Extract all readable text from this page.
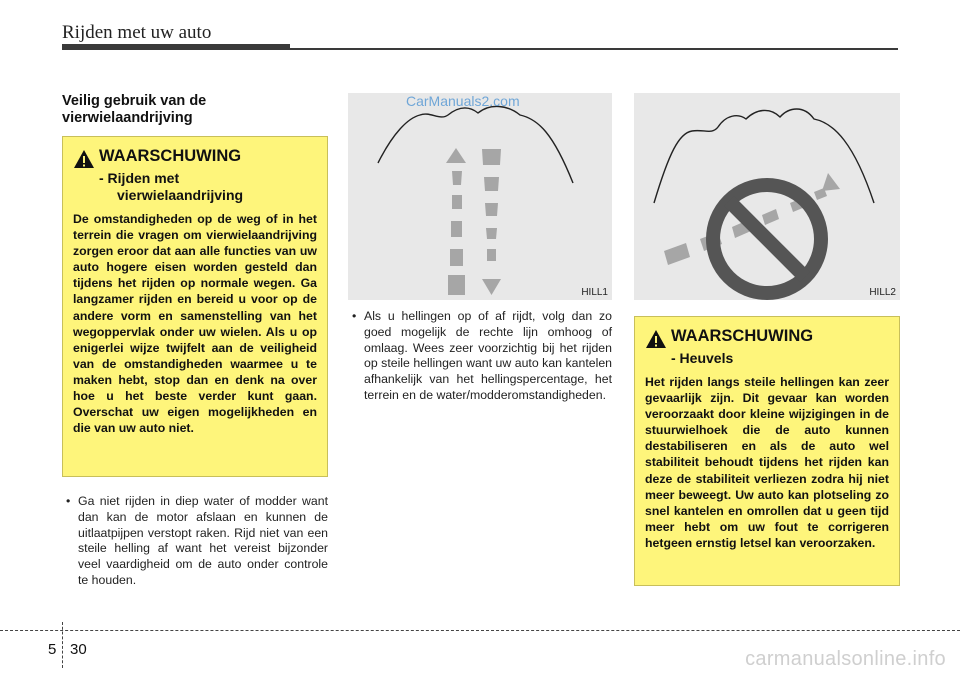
Rijden met uw auto
Veilig gebruik van de vierwielaandrijving
WAARSCHUWING
- Rijden met
vierwielaandrijving
De omstandigheden op de weg of in het terrein die vragen om vierwielaandrijving zorgen eroor dat aan alle functies van uw auto hogere eisen worden gesteld dan tijdens het rijden op normale wegen. Ga langzamer rijden en bereid u voor op de andere vorm en samenstelling van het wegoppervlak onder uw wielen. Als u op enigerlei wijze twijfelt aan de veiligheid van de omstandigheden waarmee u te maken hebt, stop dan en denk na over hoe u het beste verder kunt gaan. Overschat uw eigen mogelijkheden en die van uw auto niet.
• Ga niet rijden in diep water of modder want dan kan de motor afslaan en kunnen de uitlaatpijpen verstopt raken. Rijd niet van een steile helling af want het vereist bijzonder veel vaardigheid om de auto onder controle te houden.
CarManuals2.com
HILL1	HILL2
• Als u hellingen op of af rijdt, volg dan zo goed mogelijk de rechte lijn omhoog of omlaag. Wees zeer voorzichtig bij het rijden op steile hellingen want uw auto kan kantelen afhankelijk van het hellingspercentage, het terrein en de water/modderomstandigheden.
WAARSCHUWING
- Heuvels
Het rijden langs steile hellingen kan zeer gevaarlijk zijn. Dit gevaar kan worden veroorzaakt door kleine wijzigingen in de stuurwielhoek die de auto kunnen destabiliseren en als de auto wel stabiliteit behoudt tijdens het rijden kan deze de stabiliteit verliezen zodra hij niet meer beweegt. Uw auto kan plotseling zo snel kantelen en omrollen dat u geen tijd meer hebt om uw fout te corrigeren hetgeen ernstig letsel kan veroorzaken.
5 30	carmanualsonline.info
